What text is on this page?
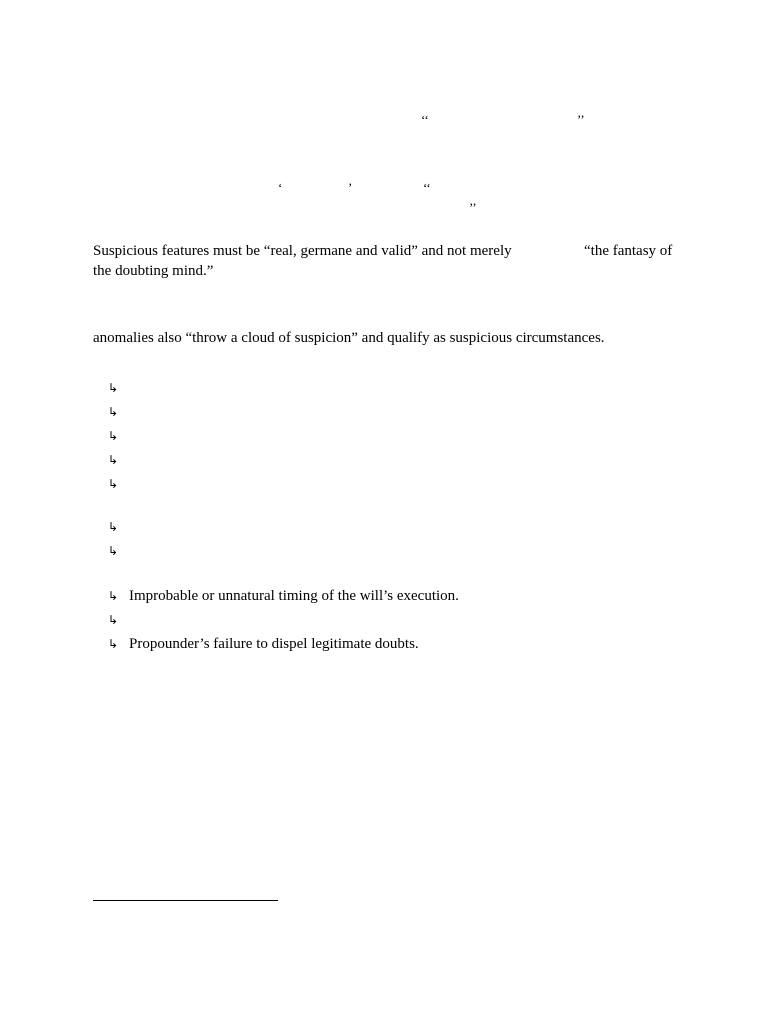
‘‘	’’
‘	’	‘‘
’’
Suspicious features must be “real, germane and valid” and not merely	“the fantasy of
the doubting mind.”
anomalies also “throw a cloud of suspicion” and qualify as suspicious circumstances.
↳
↳
↳
↳
↳
↳
↳
↳ Improbable or unnatural timing of the will’s execution.
↳
↳ Propounder’s failure to dispel legitimate doubts.
